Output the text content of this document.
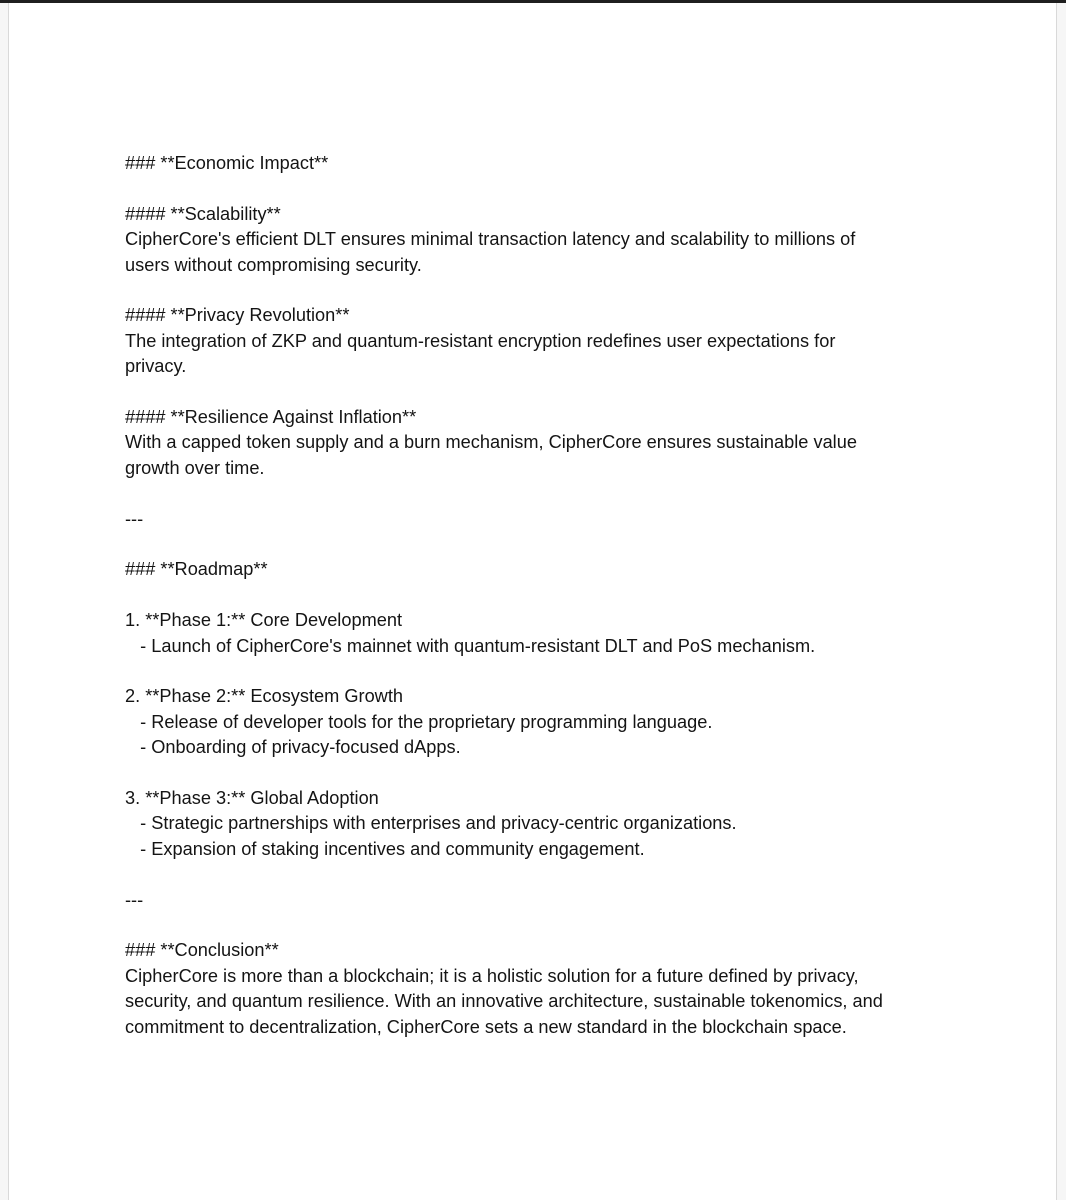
### **Economic Impact**
#### **Scalability**
CipherCore's efficient DLT ensures minimal transaction latency and scalability to millions of
users without compromising security.
#### **Privacy Revolution**
The integration of ZKP and quantum-resistant encryption redefines user expectations for
privacy.
#### **Resilience Against Inflation**
With a capped token supply and a burn mechanism, CipherCore ensures sustainable value
growth over time.
---
### **Roadmap**
1. **Phase 1:** Core Development
- Launch of CipherCore's mainnet with quantum-resistant DLT and PoS mechanism.
2. **Phase 2:** Ecosystem Growth
- Release of developer tools for the proprietary programming language.
- Onboarding of privacy-focused dApps.
3. **Phase 3:** Global Adoption
- Strategic partnerships with enterprises and privacy-centric organizations.
- Expansion of staking incentives and community engagement.
---
### **Conclusion**
CipherCore is more than a blockchain; it is a holistic solution for a future defined by privacy,
security, and quantum resilience. With an innovative architecture, sustainable tokenomics, and
commitment to decentralization, CipherCore sets a new standard in the blockchain space.
